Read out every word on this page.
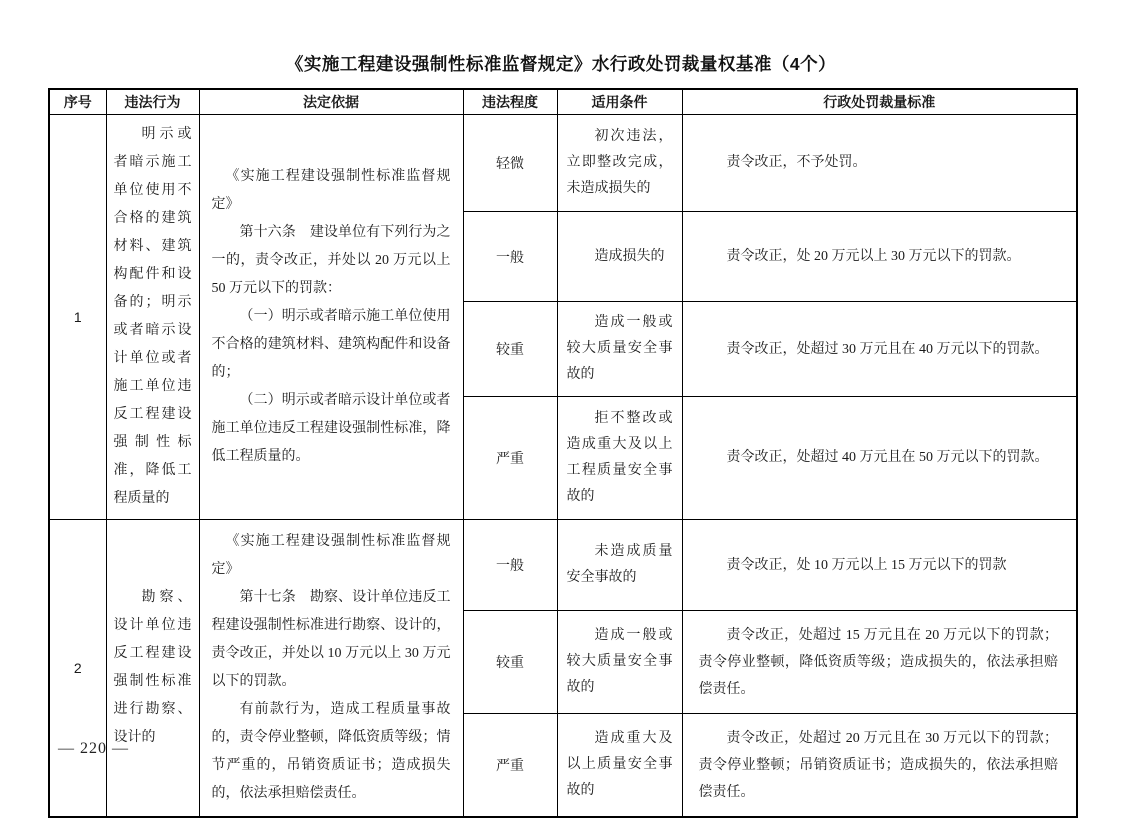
《实施工程建设强制性标准监督规定》水行政处罚裁量权基准（4个）
序号	违法行为	法定依据	违法程度	适用条件	行政处罚裁量标准
1	明示或者暗示施工单位使用不合格的建筑材料、建筑构配件和设备的；明示或者暗示设计单位或者施工单位违反工程建设强制性标准，降低工程质量的	《实施工程建设强制性标准监督规定》

第十六条　建设单位有下列行为之一的，责令改正，并处以 20 万元以上 50 万元以下的罚款：

（一）明示或者暗示施工单位使用不合格的建筑材料、建筑构配件和设备的；

（二）明示或者暗示设计单位或者施工单位违反工程建设强制性标准，降低工程质量的。	轻微	初次违法，立即整改完成，未造成损失的	责令改正，不予处罚。

			一般	造成损失的	责令改正，处 20 万元以上 30 万元以下的罚款。

			较重	造成一般或较大质量安全事故的	责令改正，处超过 30 万元且在 40 万元以下的罚款。

			严重	拒不整改或造成重大及以上工程质量安全事故的	责令改正，处超过 40 万元且在 50 万元以下的罚款。

2	勘察、设计单位违反工程建设强制性标准进行勘察、设计的	《实施工程建设强制性标准监督规定》

第十七条　勘察、设计单位违反工程建设强制性标准进行勘察、设计的，责令改正，并处以 10 万元以上 30 万元以下的罚款。

有前款行为，造成工程质量事故的，责令停业整顿，降低资质等级；情节严重的，吊销资质证书；造成损失的，依法承担赔偿责任。	一般	未造成质量安全事故的	责令改正，处 10 万元以上 15 万元以下的罚款

			较重	造成一般或较大质量安全事故的	责令改正，处超过 15 万元且在 20 万元以下的罚款；责令停业整顿，降低资质等级；造成损失的，依法承担赔偿责任。

			严重	造成重大及以上质量安全事故的	责令改正，处超过 20 万元且在 30 万元以下的罚款；责令停业整顿；吊销资质证书；造成损失的，依法承担赔偿责任。
— 220 —
